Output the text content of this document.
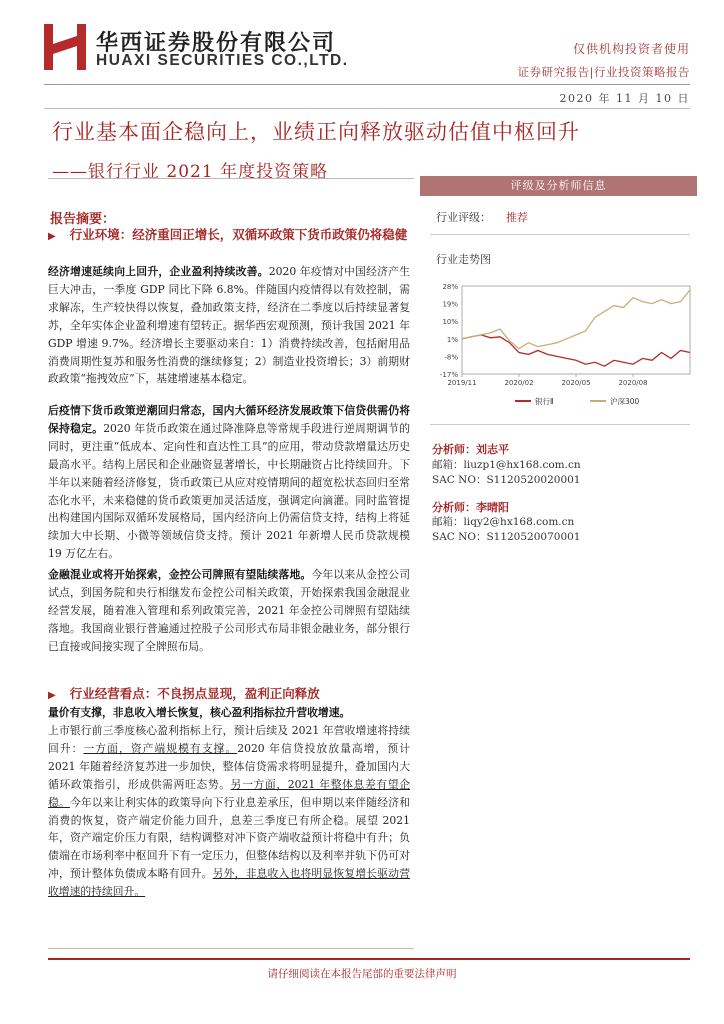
华西证券股份有限公司
HUAXI SECURITIES CO.,LTD.
仅供机构投资者使用
证券研究报告|行业投资策略报告
2020 年 11 月 10 日
行业基本面企稳向上，业绩正向释放驱动估值中枢回升
——银行行业 2021 年度投资策略
报告摘要：
▶ 行业环境：经济重回正增长，双循环政策下货币政策仍将稳健
经济增速延续向上回升，企业盈利持续改善。2020 年疫情对中国经济产生巨大冲击，一季度 GDP 同比下降 6.8%。伴随国内疫情得以有效控制，需求解冻，生产较快得以恢复，叠加政策支持，经济在二季度以后持续显著复苏，全年实体企业盈利增速有望转正。据华西宏观预测，预计我国 2021 年 GDP 增速 9.7%。经济增长主要驱动来自：1）消费持续改善，包括耐用品消费周期性复苏和服务性消费的继续修复；2）制造业投资增长；3）前期财政政策“拖拽效应”下，基建增速基本稳定。
后疫情下货币政策逆潮回归常态，国内大循环经济发展政策下信贷供需仍将保持稳定。2020 年货币政策在通过降准降息等常规手段进行逆周期调节的同时，更注重“低成本、定向性和直达性工具”的应用，带动贷款增量达历史最高水平。结构上居民和企业融资显著增长，中长期融资占比持续回升。下半年以来随着经济修复，货币政策已从应对疫情期间的超宽松状态回归至常态化水平，未来稳健的货币政策更加灵活适度，强调定向滴灌。同时监管提出构建国内国际双循环发展格局，国内经济向上仍需信贷支持，结构上将延续加大中长期、小微等领域信贷支持。预计 2021 年新增人民币贷款规模 19 万亿左右。
金融混业或将开始探索，金控公司牌照有望陆续落地。今年以来从金控公司试点，到国务院和央行相继发布金控公司相关政策，开始探索我国金融混业经营发展，随着准入管理和系列政策完善，2021 年金控公司牌照有望陆续落地。我国商业银行普遍通过控股子公司形式布局非银金融业务，部分银行已直接或间接实现了全牌照布局。
▶ 行业经营看点：不良拐点显现，盈利正向释放
量价有支撑，非息收入增长恢复，核心盈利指标拉升营收增速。
上市银行前三季度核心盈利指标上行，预计后续及 2021 年营收增速将持续回升：一方面，资产端规模有支撑。2020 年信贷投放放量高增，预计 2021 年随着经济复苏进一步加快，整体信贷需求将明显提升，叠加国内大循环政策指引，形成供需两旺态势。另一方面，2021 年整体息差有望企稳。今年以来让利实体的政策导向下行业息差承压，但申期以来伴随经济和消费的恢复，资产端定价能力回升，息差三季度已有所企稳。展望 2021 年，资产端定价压力有限，结构调整对冲下资产端收益预计将稳中有升；负债端在市场利率中枢回升下有一定压力，但整体结构以及利率并轨下仍可对冲，预计整体负债成本略有回升。另外，非息收入也将明显恢复增长驱动营收增速的持续回升。
评级及分析师信息
行业评级： 推荐
行业走势图
28%
19%
10%
1%
-8%
-17%
2019/11	2020/02	2020/05	2020/08
银行Ⅱ	沪深300
分析师：刘志平
邮箱：liuzp1@hx168.com.cn
SAC NO：S1120520020001
分析师：李晴阳
邮箱：liqy2@hx168.com.cn
SAC NO：S1120520070001
请仔细阅读在本报告尾部的重要法律声明
